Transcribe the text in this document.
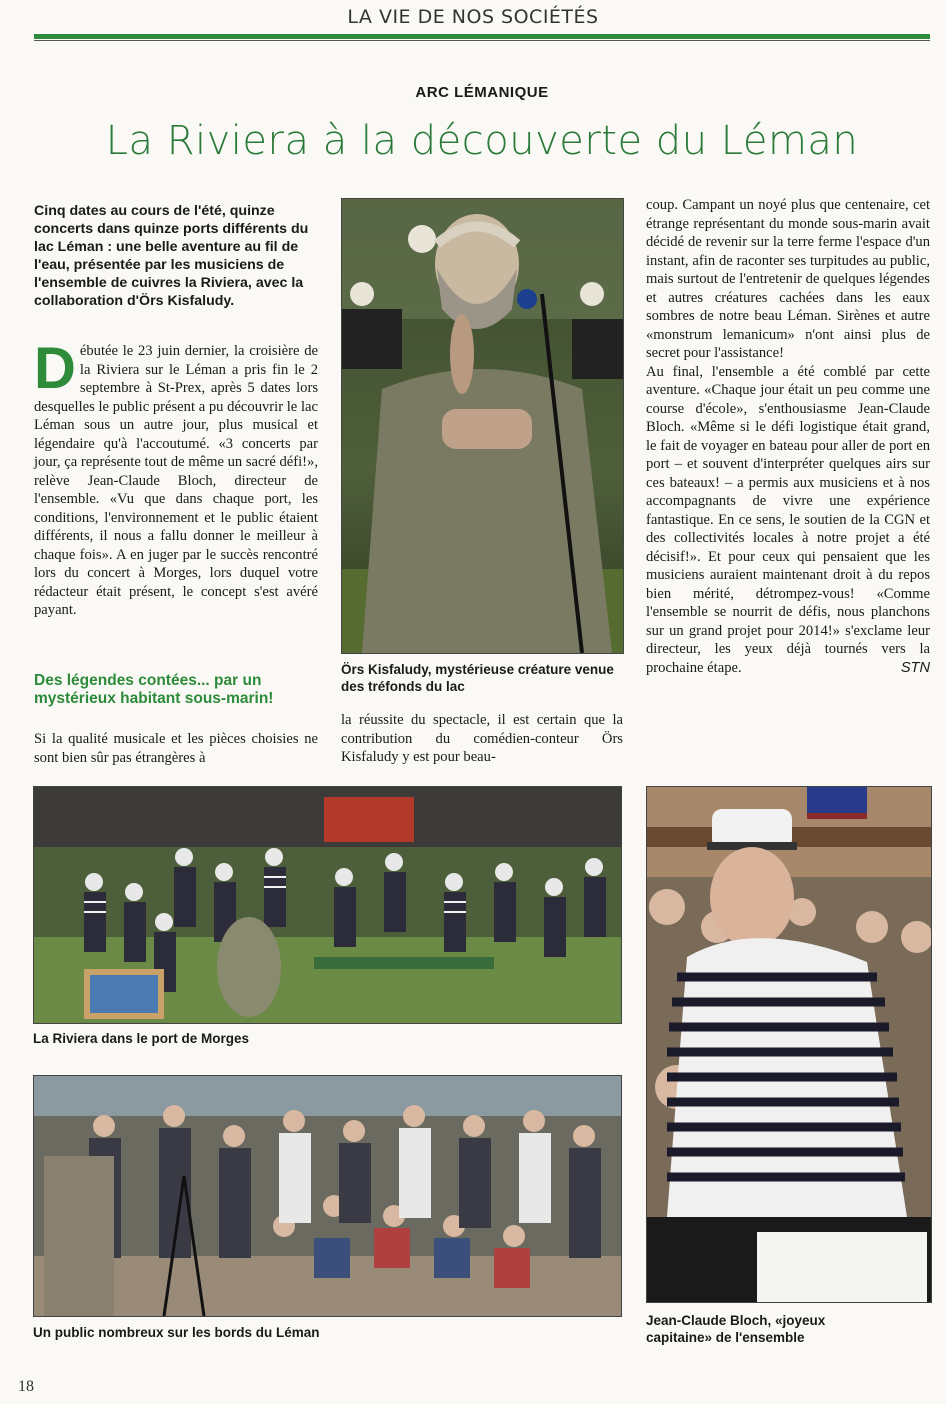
LA VIE DE NOS SOCIÉTÉS
ARC LÉMANIQUE
La Riviera à la découverte du Léman
Cinq dates au cours de l'été, quinze concerts dans quinze ports différents du lac Léman : une belle aventure au fil de l'eau, présentée par les musiciens de l'ensemble de cuivres la Riviera, avec la collaboration d'Örs Kisfaludy.
Débutée le 23 juin dernier, la croisière de la Riviera sur le Léman a pris fin le 2 septembre à St-Prex, après 5 dates lors desquelles le public présent a pu découvrir le lac Léman sous un autre jour, plus musical et légendaire qu'à l'accoutumé. «3 concerts par jour, ça représente tout de même un sacré défi!», relève Jean-Claude Bloch, directeur de l'ensemble. «Vu que dans chaque port, les conditions, l'environnement et le public étaient différents, il nous a fallu donner le meilleur à chaque fois». A en juger par le succès rencontré lors du concert à Morges, lors duquel votre rédacteur était présent, le concept s'est avéré payant.
Des légendes contées... par un mystérieux habitant sous-marin!
Si la qualité musicale et les pièces choisies ne sont bien sûr pas étrangères à
Örs Kisfaludy, mystérieuse créature venue des tréfonds du lac
la réussite du spectacle, il est certain que la contribution du comédien-conteur Örs Kisfaludy y est pour beau-
coup. Campant un noyé plus que centenaire, cet étrange représentant du monde sous-marin avait décidé de revenir sur la terre ferme l'espace d'un instant, afin de raconter ses turpitudes au public, mais surtout de l'entretenir de quelques légendes et autres créatures cachées dans les eaux sombres de notre beau Léman. Sirènes et autre «monstrum lemanicum» n'ont ainsi plus de secret pour l'assistance!
Au final, l'ensemble a été comblé par cette aventure. «Chaque jour était un peu comme une course d'école», s'enthousiasme Jean-Claude Bloch. «Même si le défi logistique était grand, le fait de voyager en bateau pour aller de port en port – et souvent d'interpréter quelques airs sur ces bateaux! – a permis aux musiciens et à nos accompagnants de vivre une expérience fantastique. En ce sens, le soutien de la CGN et des collectivités locales à notre projet a été décisif!». Et pour ceux qui pensaient que les musiciens auraient maintenant droit à du repos bien mérité, détrompez-vous! «Comme l'ensemble se nourrit de défis, nous planchons sur un grand projet pour 2014!» s'exclame leur directeur, les yeux déjà tournés vers la prochaine étape.	STN
La Riviera dans le port de Morges
Un public nombreux sur les bords du Léman
Jean-Claude Bloch, «joyeux capitaine» de l'ensemble
18
